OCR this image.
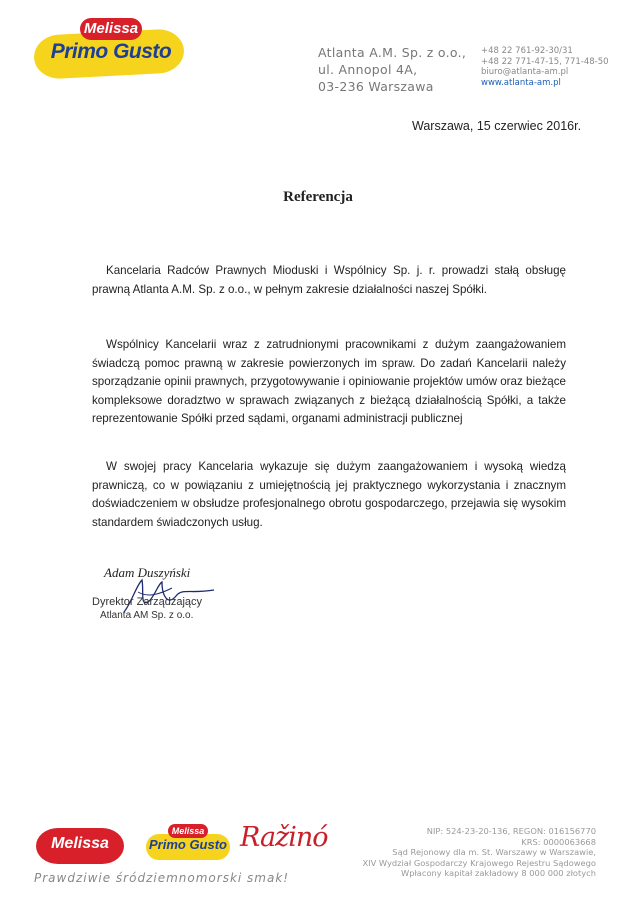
Melissa
Primo Gusto	Atlanta A.M. Sp. z o.o.,
ul. Annopol 4A,
03-236 Warszawa
+48 22 761-92-30/31
+48 22 771-47-15, 771-48-50
biuro@atlanta-am.pl
www.atlanta-am.pl
Warszawa, 15 czerwiec 2016r.
Referencja
Kancelaria Radców Prawnych Mioduski i Wspólnicy Sp. j. r. prowadzi stałą obsługę prawną Atlanta A.M. Sp. z o.o., w pełnym zakresie działalności naszej Spółki.
Wspólnicy Kancelarii wraz z zatrudnionymi pracownikami z dużym zaangażowaniem świadczą pomoc prawną w zakresie powierzonych im spraw. Do zadań Kancelarii należy sporządzanie opinii prawnych, przygotowywanie i opiniowanie projektów umów oraz bieżące kompleksowe doradztwo w sprawach związanych z bieżącą działalnością Spółki, a także reprezentowanie Spółki przed sądami, organami administracji publicznej
W swojej pracy Kancelaria wykazuje się dużym zaangażowaniem i wysoką wiedzą prawniczą, co w powiązaniu z umiejętnością jej praktycznego wykorzystania i znacznym doświadczeniem w obsłudze profesjonalnego obrotu gospodarczego, przejawia się wysokim standardem świadczonych usług.
Adam Duszyński
Dyrektor Zarządzający
Atlanta AM Sp. z o.o.
Melissa
Melissa
Primo Gusto Ražinó
Prawdziwie śródziemnomorski smak!
NIP: 524-23-20-136, REGON: 016156770
KRS: 0000063668
Sąd Rejonowy dla m. St. Warszawy w Warszawie,
XIV Wydział Gospodarczy Krajowego Rejestru Sądowego
Wpłacony kapitał zakładowy 8 000 000 złotych
